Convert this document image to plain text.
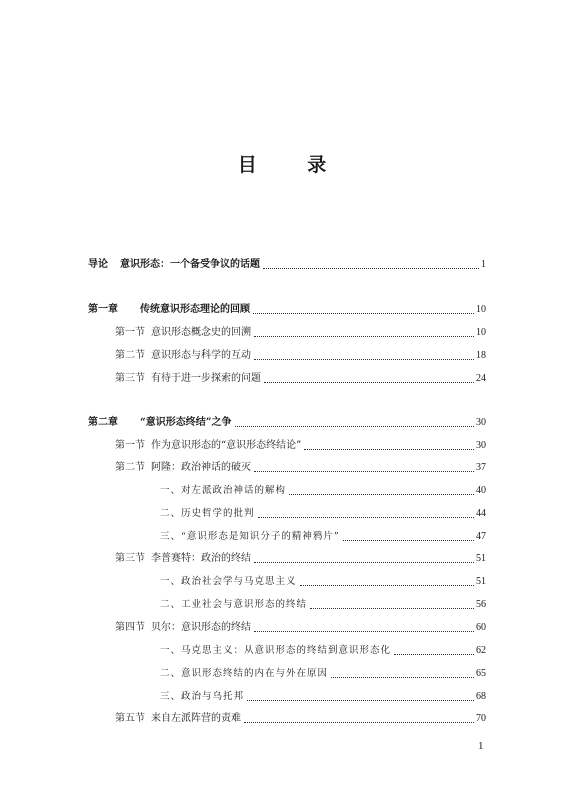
目 录
导论 意识形态：一个备受争议的话题	1
第一章 传统意识形态理论的回顾	10
第一节 意识形态概念史的回溯	10
第二节 意识形态与科学的互动	18
第三节 有待于进一步探索的问题	24
第二章 “意识形态终结”之争	30
第一节 作为意识形态的“意识形态终结论”	30
第二节 阿隆：政治神话的破灭	37
一、对左派政治神话的解构	40
二、历史哲学的批判	44
三、“意识形态是知识分子的精神鸦片”	47
第三节 李普赛特：政治的终结	51
一、政治社会学与马克思主义	51
二、工业社会与意识形态的终结	56
第四节 贝尔：意识形态的终结	60
一、马克思主义：从意识形态的终结到意识形态化	62
二、意识形态终结的内在与外在原因	65
三、政治与乌托邦	68
第五节 来自左派阵营的责难	70
1
